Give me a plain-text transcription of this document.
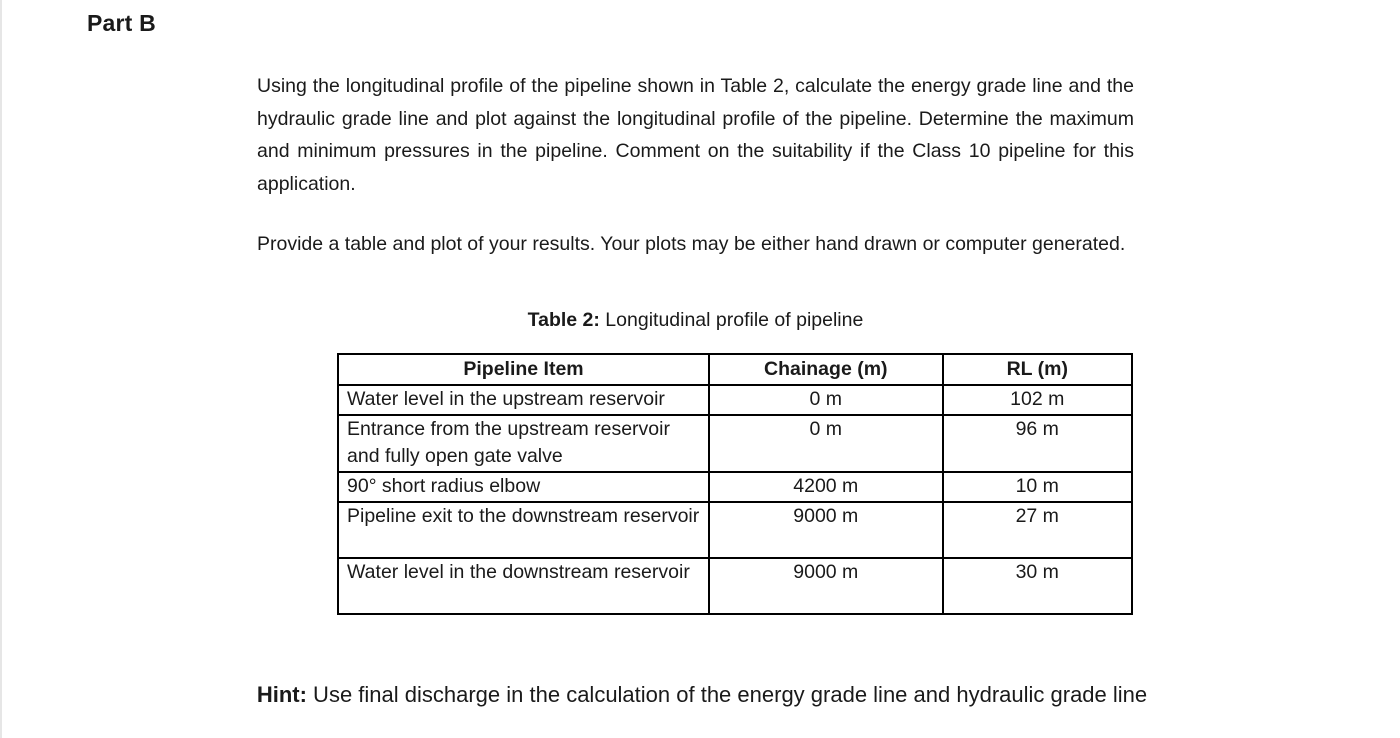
Part B

Using the longitudinal profile of the pipeline shown in Table 2, calculate the energy grade line and the hydraulic grade line and plot against the longitudinal profile of the pipeline. Determine the maximum and minimum pressures in the pipeline. Comment on the suitability if the Class 10 pipeline for this application.

Provide a table and plot of your results. Your plots may be either hand drawn or computer generated.

Table 2: Longitudinal profile of pipeline

Pipeline Item	Chainage (m)	RL (m)
Water level in the upstream reservoir	0 m	102 m
Entrance from the upstream reservoir and fully open gate valve	0 m	96 m
90° short radius elbow	4200 m	10 m
Pipeline exit to the downstream reservoir	9000 m	27 m
Water level in the downstream reservoir	9000 m	30 m

Hint: Use final discharge in the calculation of the energy grade line and hydraulic grade line
